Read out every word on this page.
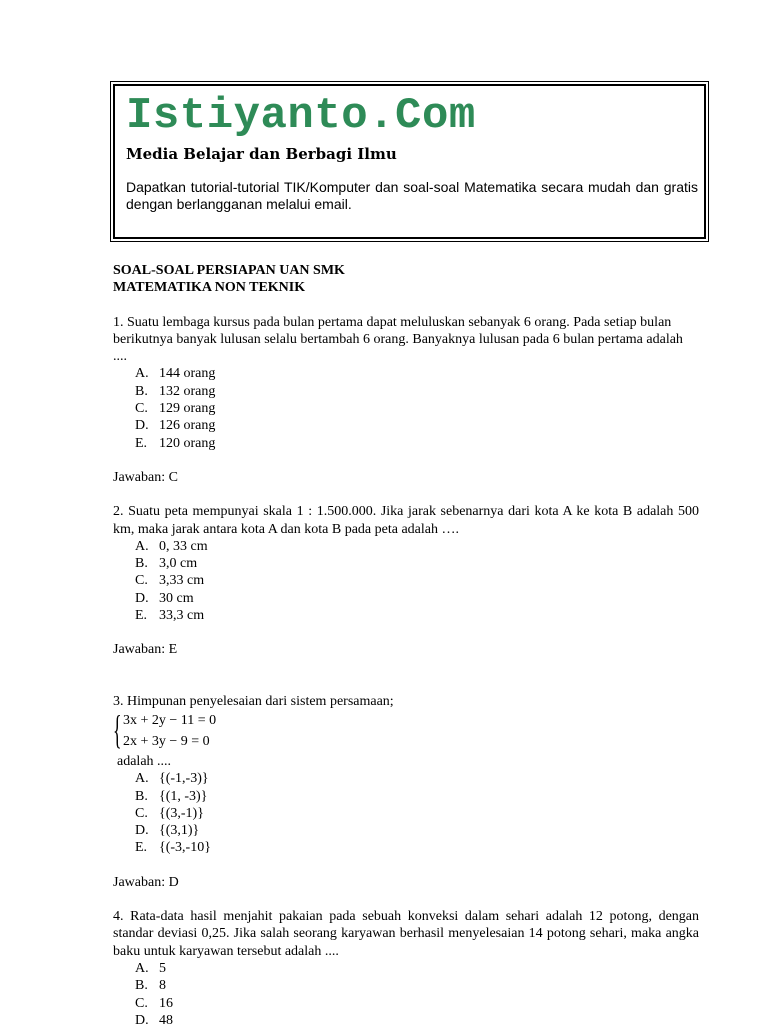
Istiyanto.Com
Media Belajar dan Berbagi Ilmu
Dapatkan tutorial-tutorial TIK/Komputer dan soal-soal Matematika secara mudah dan gratis dengan berlangganan melalui email.

SOAL-SOAL PERSIAPAN UAN SMK

MATEMATIKA NON TEKNIK

1. Suatu lembaga kursus pada bulan pertama dapat meluluskan sebanyak 6 orang. Pada setiap bulan berikutnya banyak lulusan selalu bertambah 6 orang. Banyaknya lulusan pada 6 bulan pertama adalah ....

A. 144 orang
B. 132 orang
C. 129 orang
D. 126 orang
E. 120 orang

Jawaban: C

2. Suatu peta mempunyai skala 1 : 1.500.000. Jika jarak sebenarnya dari kota A ke kota B adalah 500 km, maka jarak antara kota A dan kota B pada peta adalah ….

A. 0, 33 cm
B. 3,0 cm
C. 3,33 cm
D. 30 cm
E. 33,3 cm

Jawaban: E

3. Himpunan penyelesaian dari sistem persamaan;

{ 3x + 2y − 11 = 0
2x + 3y − 9 = 0

adalah ....

A. {(-1,-3)}
B. {(1, -3)}
C. {(3,-1)}
D. {(3,1)}
E. {(-3,-10}

Jawaban: D

4. Rata-data hasil menjahit pakaian pada sebuah konveksi dalam sehari adalah 12 potong, dengan standar deviasi 0,25. Jika salah seorang karyawan berhasil menyelesaian 14 potong sehari, maka angka baku untuk karyawan tersebut adalah ....

A. 5
B. 8
C. 16
D. 48
